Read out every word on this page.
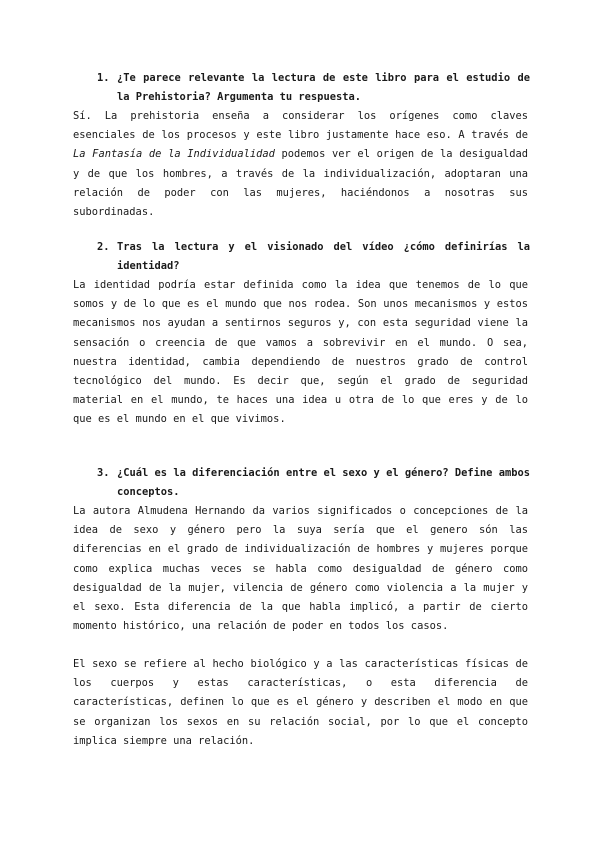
1. ¿Te parece relevante la lectura de este libro para el estudio de la Prehistoria? Argumenta tu respuesta.

Sí. La prehistoria enseña a considerar los orígenes como claves esenciales de los procesos y este libro justamente hace eso. A través de La Fantasía de la Individualidad podemos ver el origen de la desigualdad y de que los hombres, a través de la individualización, adoptaran una relación de poder con las mujeres, haciéndonos a nosotras sus subordinadas.

2. Tras la lectura y el visionado del vídeo ¿cómo definirías la identidad?

La identidad podría estar definida como la idea que tenemos de lo que somos y de lo que es el mundo que nos rodea. Son unos mecanismos y estos mecanismos nos ayudan a sentirnos seguros y, con esta seguridad viene la sensación o creencia de que vamos a sobrevivir en el mundo. O sea, nuestra identidad, cambia dependiendo de nuestros grado de control tecnológico del mundo. Es decir que, según el grado de seguridad material en el mundo, te haces una idea u otra de lo que eres y de lo que es el mundo en el que vivimos.

3. ¿Cuál es la diferenciación entre el sexo y el género? Define ambos conceptos.

La autora Almudena Hernando da varios significados o concepciones de la idea de sexo y género pero la suya sería que el genero són las diferencias en el grado de individualización de hombres y mujeres porque como explica muchas veces se habla como desigualdad de género como desigualdad de la mujer, vilencia de género como violencia a la mujer y el sexo. Esta diferencia de la que habla implicó, a partir de cierto momento histórico, una relación de poder en todos los casos.

El sexo se refiere al hecho biológico y a las características físicas de los cuerpos y estas características, o esta diferencia de características, definen lo que es el género y describen el modo en que se organizan los sexos en su relación social, por lo que el concepto implica siempre una relación.
